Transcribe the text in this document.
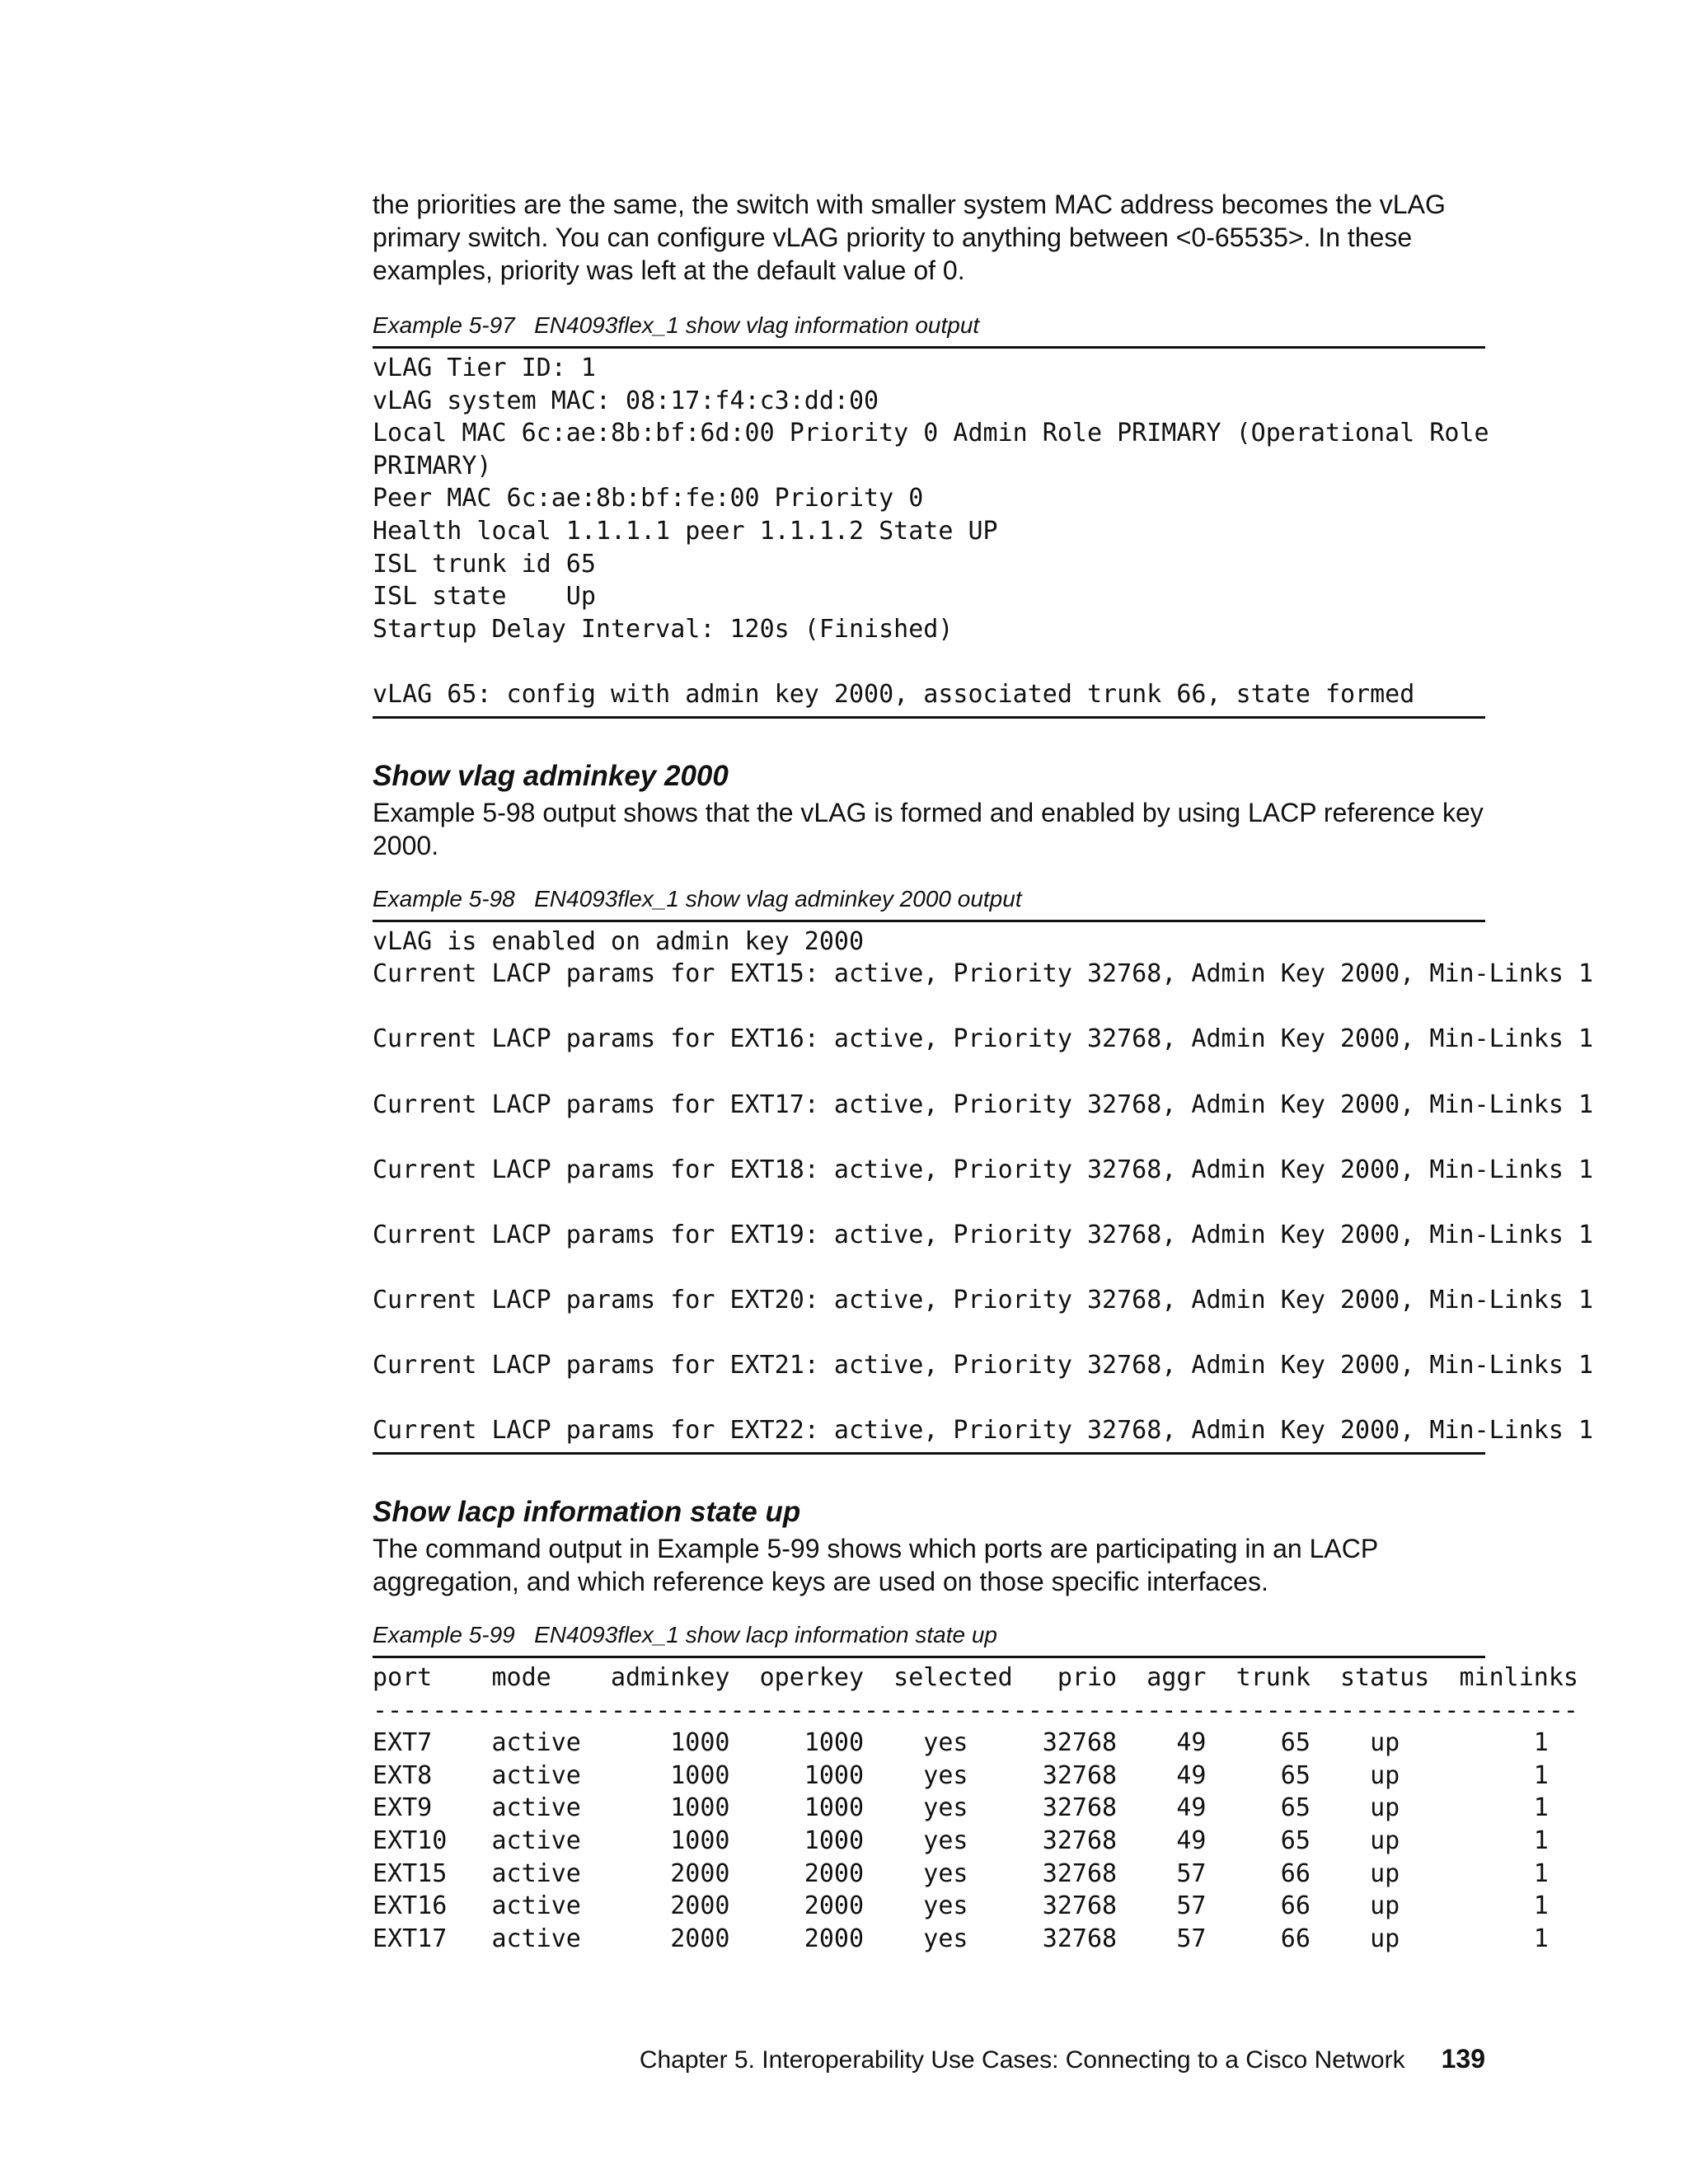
the priorities are the same, the switch with smaller system MAC address becomes the vLAG primary switch. You can configure vLAG priority to anything between <0-65535>. In these examples, priority was left at the default value of 0.

Example 5-97   EN4093flex_1 show vlag information output

vLAG Tier ID: 1
vLAG system MAC: 08:17:f4:c3:dd:00
Local MAC 6c:ae:8b:bf:6d:00 Priority 0 Admin Role PRIMARY (Operational Role
PRIMARY)
Peer MAC 6c:ae:8b:bf:fe:00 Priority 0
Health local 1.1.1.1 peer 1.1.1.2 State UP
ISL trunk id 65
ISL state    Up
Startup Delay Interval: 120s (Finished)
vLAG 65: config with admin key 2000, associated trunk 66, state formed
Show vlag adminkey 2000

Example 5-98 output shows that the vLAG is formed and enabled by using LACP reference key 2000.

Example 5-98   EN4093flex_1 show vlag adminkey 2000 output

vLAG is enabled on admin key 2000
Current LACP params for EXT15: active, Priority 32768, Admin Key 2000, Min-Links 1
Current LACP params for EXT16: active, Priority 32768, Admin Key 2000, Min-Links 1
Current LACP params for EXT17: active, Priority 32768, Admin Key 2000, Min-Links 1
Current LACP params for EXT18: active, Priority 32768, Admin Key 2000, Min-Links 1
Current LACP params for EXT19: active, Priority 32768, Admin Key 2000, Min-Links 1
Current LACP params for EXT20: active, Priority 32768, Admin Key 2000, Min-Links 1
Current LACP params for EXT21: active, Priority 32768, Admin Key 2000, Min-Links 1
Current LACP params for EXT22: active, Priority 32768, Admin Key 2000, Min-Links 1
Show lacp information state up

The command output in Example 5-99 shows which ports are participating in an LACP aggregation, and which reference keys are used on those specific interfaces.

Example 5-99   EN4093flex_1 show lacp information state up

port    mode    adminkey  operkey  selected   prio  aggr  trunk  status  minlinks
---------------------------------------------------------------------------------
EXT7    active      1000     1000    yes     32768    49     65    up         1
EXT8    active      1000     1000    yes     32768    49     65    up         1
EXT9    active      1000     1000    yes     32768    49     65    up         1
EXT10   active      1000     1000    yes     32768    49     65    up         1
EXT15   active      2000     2000    yes     32768    57     66    up         1
EXT16   active      2000     2000    yes     32768    57     66    up         1
EXT17   active      2000     2000    yes     32768    57     66    up         1
Chapter 5. Interoperability Use Cases: Connecting to a Cisco Network 139
